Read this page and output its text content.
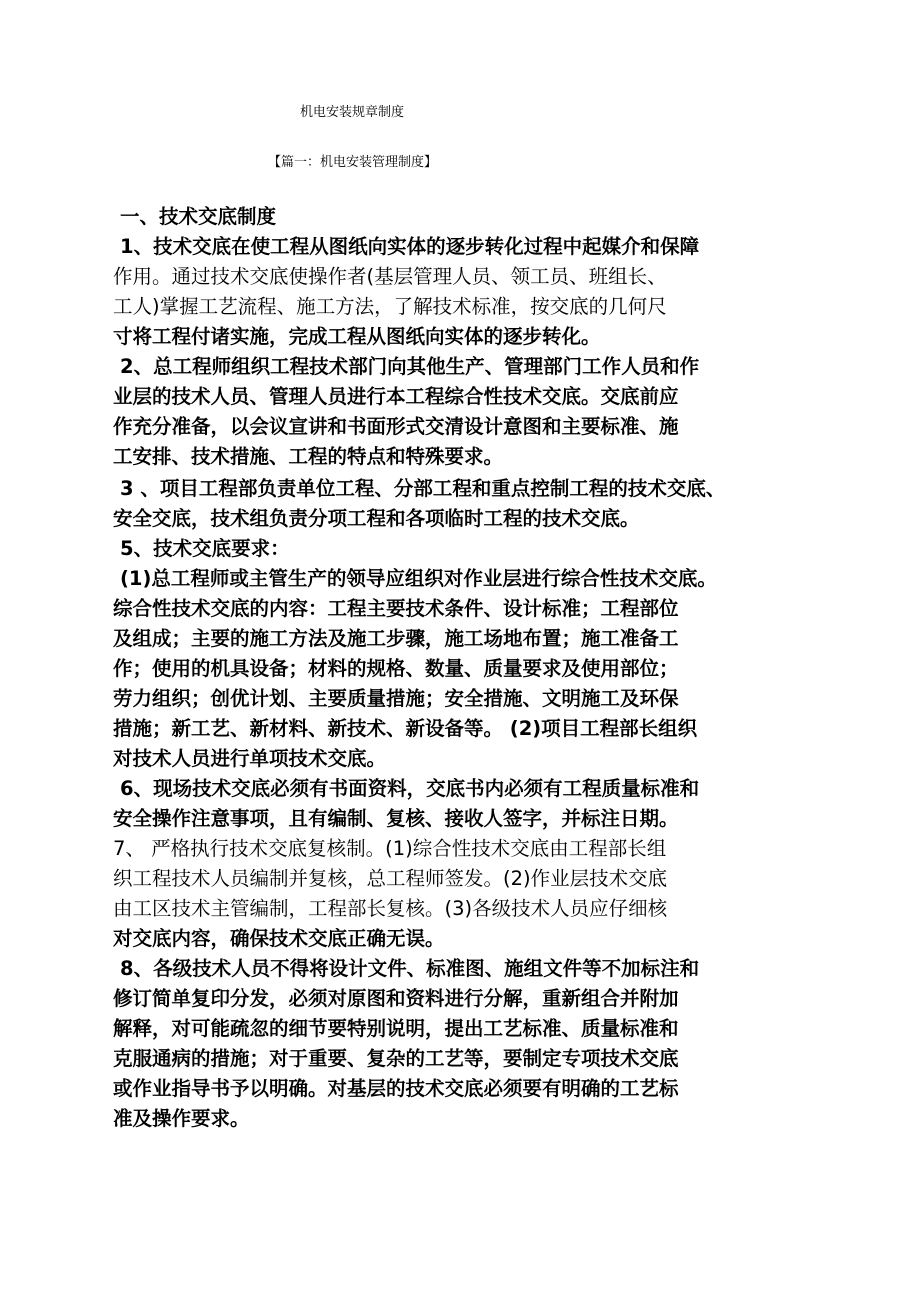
机电安装规章制度
【篇一：机电安装管理制度】
一、技术交底制度
1、技术交底在使工程从图纸向实体的逐步转化过程中起媒介和保障
作用。通过技术交底使操作者(基层管理人员、领工员、班组长、
工人)掌握工艺流程、施工方法，了解技术标准，按交底的几何尺
寸将工程付诸实施，完成工程从图纸向实体的逐步转化。
2、总工程师组织工程技术部门向其他生产、管理部门工作人员和作
业层的技术人员、管理人员进行本工程综合性技术交底。交底前应
作充分准备，以会议宣讲和书面形式交清设计意图和主要标准、施
工安排、技术措施、工程的特点和特殊要求。
3 、项目工程部负责单位工程、分部工程和重点控制工程的技术交底、
安全交底，技术组负责分项工程和各项临时工程的技术交底。
5、技术交底要求：
(1)总工程师或主管生产的领导应组织对作业层进行综合性技术交底。
综合性技术交底的内容：工程主要技术条件、设计标准；工程部位
及组成；主要的施工方法及施工步骤，施工场地布置；施工准备工
作；使用的机具设备；材料的规格、数量、质量要求及使用部位；
劳力组织；创优计划、主要质量措施；安全措施、文明施工及环保
措施；新工艺、新材料、新技术、新设备等。 (2)项目工程部长组织
对技术人员进行单项技术交底。
6、现场技术交底必须有书面资料，交底书内必须有工程质量标准和
安全操作注意事项，且有编制、复核、接收人签字，并标注日期。
7、 严格执行技术交底复核制。(1)综合性技术交底由工程部长组
织工程技术人员编制并复核，总工程师签发。(2)作业层技术交底
由工区技术主管编制，工程部长复核。(3)各级技术人员应仔细核
对交底内容，确保技术交底正确无误。
8、各级技术人员不得将设计文件、标准图、施组文件等不加标注和
修订简单复印分发，必须对原图和资料进行分解，重新组合并附加
解释，对可能疏忽的细节要特别说明，提出工艺标准、质量标准和
克服通病的措施；对于重要、复杂的工艺等，要制定专项技术交底
或作业指导书予以明确。对基层的技术交底必须要有明确的工艺标
准及操作要求。
